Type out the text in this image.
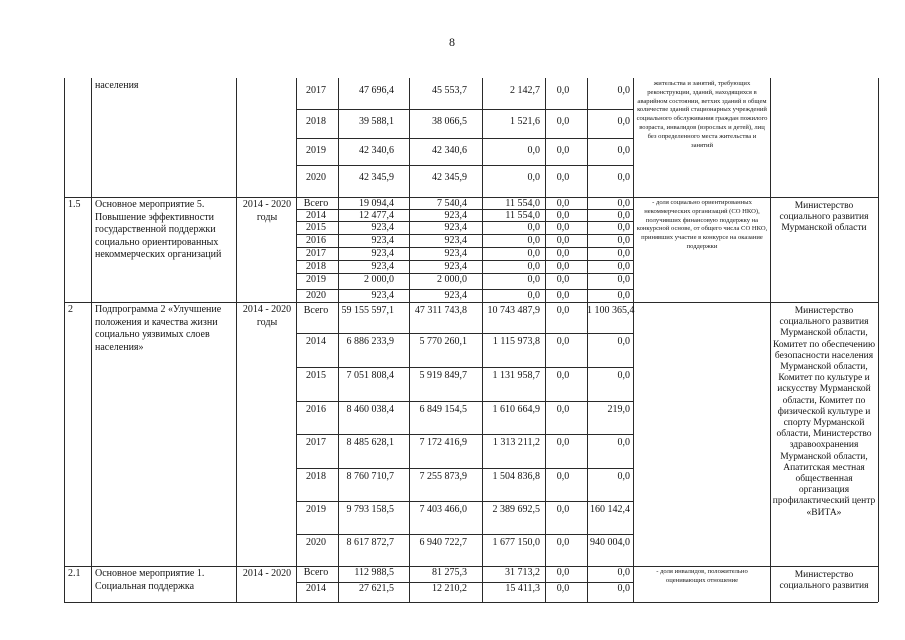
8
населения	2017	47 696,4	45 553,7	2 142,7	0,0	0,0
2018	39 588,1	38 066,5	1 521,6	0,0	0,0
2019	42 340,6	42 340,6	0,0	0,0	0,0
2020	42 345,9	42 345,9	0,0	0,0	0,0
жительства и занятий, требующих реконструкции, зданий, находящихся в аварийном состоянии, ветхих зданий в общем количестве зданий стационарных учреждений социального обслуживания граждан пожилого возраста, инвалидов (взрослых и детей), лиц без определенного места жительства и занятий
1.5	Основное мероприятие 5. Повышение эффективности государственной поддержки социально ориентированных некоммерческих организаций
2014 - 2020 годы
Всего	19 094,4	7 540,4	11 554,0	0,0	0,0
2014	12 477,4	923,4	11 554,0	0,0	0,0
2015	923,4	923,4	0,0	0,0	0,0
2016	923,4	923,4	0,0	0,0	0,0
2017	923,4	923,4	0,0	0,0	0,0
2018	923,4	923,4	0,0	0,0	0,0
2019	2 000,0	2 000,0	0,0	0,0	0,0
2020	923,4	923,4	0,0	0,0	0,0
- доля социально ориентированных некоммерческих организаций (СО НКО), получивших финансовую поддержку на конкурсной основе, от общего числа СО НКО, принявших участие в конкурсе на оказание поддержки
Министерство социального развития Мурманской области
2	Подпрограмма 2 «Улучшение положения и качества жизни социально уязвимых слоев населения»
2014 - 2020 годы
Всего	59 155 597,1	47 311 743,8	10 743 487,9	0,0	1 100 365,4
2014	6 886 233,9	5 770 260,1	1 115 973,8	0,0	0,0
2015	7 051 808,4	5 919 849,7	1 131 958,7	0,0	0,0
2016	8 460 038,4	6 849 154,5	1 610 664,9	0,0	219,0
2017	8 485 628,1	7 172 416,9	1 313 211,2	0,0	0,0
2018	8 760 710,7	7 255 873,9	1 504 836,8	0,0	0,0
2019	9 793 158,5	7 403 466,0	2 389 692,5	0,0	160 142,4
2020	8 617 872,7	6 940 722,7	1 677 150,0	0,0	940 004,0
Министерство социального развития Мурманской области, Комитет по обеспечению безопасности населения Мурманской области, Комитет по культуре и искусству Мурманской области, Комитет по физической культуре и спорту Мурманской области, Министерство здравоохранения Мурманской области, Апатитская местная общественная организация профилактический центр «ВИТА»
2.1	Основное мероприятие 1. Социальная поддержка
2014 - 2020	Всего	112 988,5	81 275,3	31 713,2	0,0	0,0
2014	27 621,5	12 210,2	15 411,3	0,0	0,0
- доля инвалидов, положительно оценивающих отношение
Министерство социального развития
